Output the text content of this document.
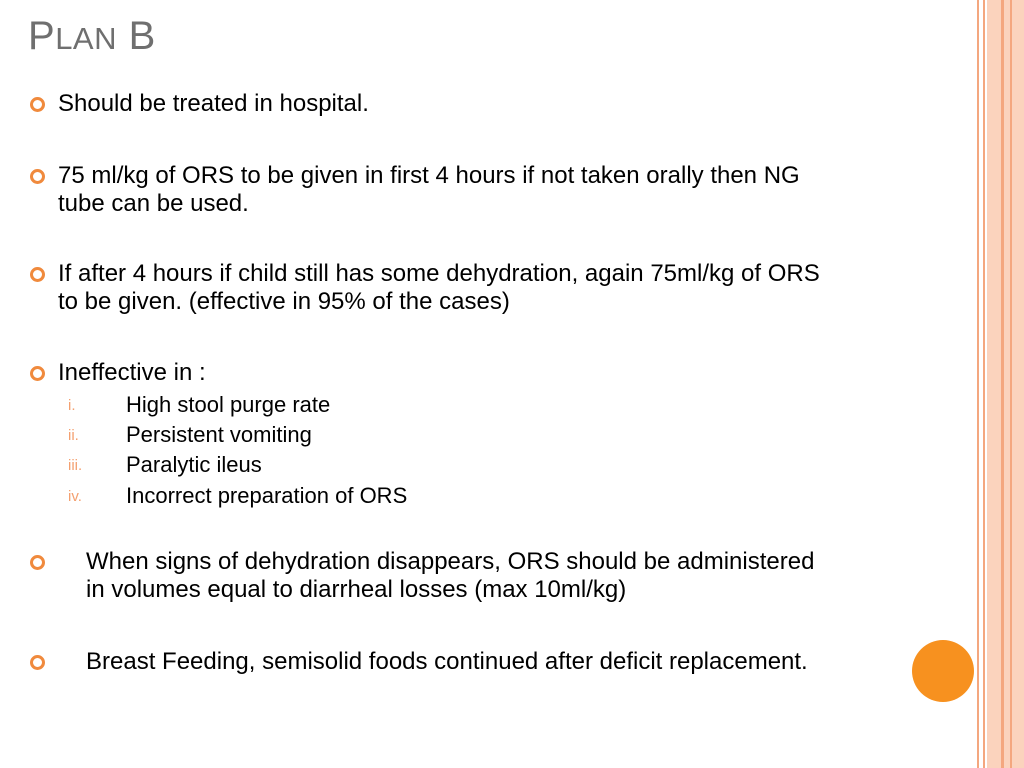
PLAN B
Should be treated in hospital.
75 ml/kg of ORS to be given in first 4 hours if not taken orally then NG
tube can be used.
If after 4 hours if child still has some dehydration, again 75ml/kg of ORS
to be given. (effective in 95% of the cases)
Ineffective in :
i. High stool purge rate
ii. Persistent vomiting
iii. Paralytic ileus
iv. Incorrect preparation of ORS
When signs of dehydration disappears, ORS should be administered
in volumes equal to diarrheal losses (max 10ml/kg)
Breast Feeding, semisolid foods continued after deficit replacement.
